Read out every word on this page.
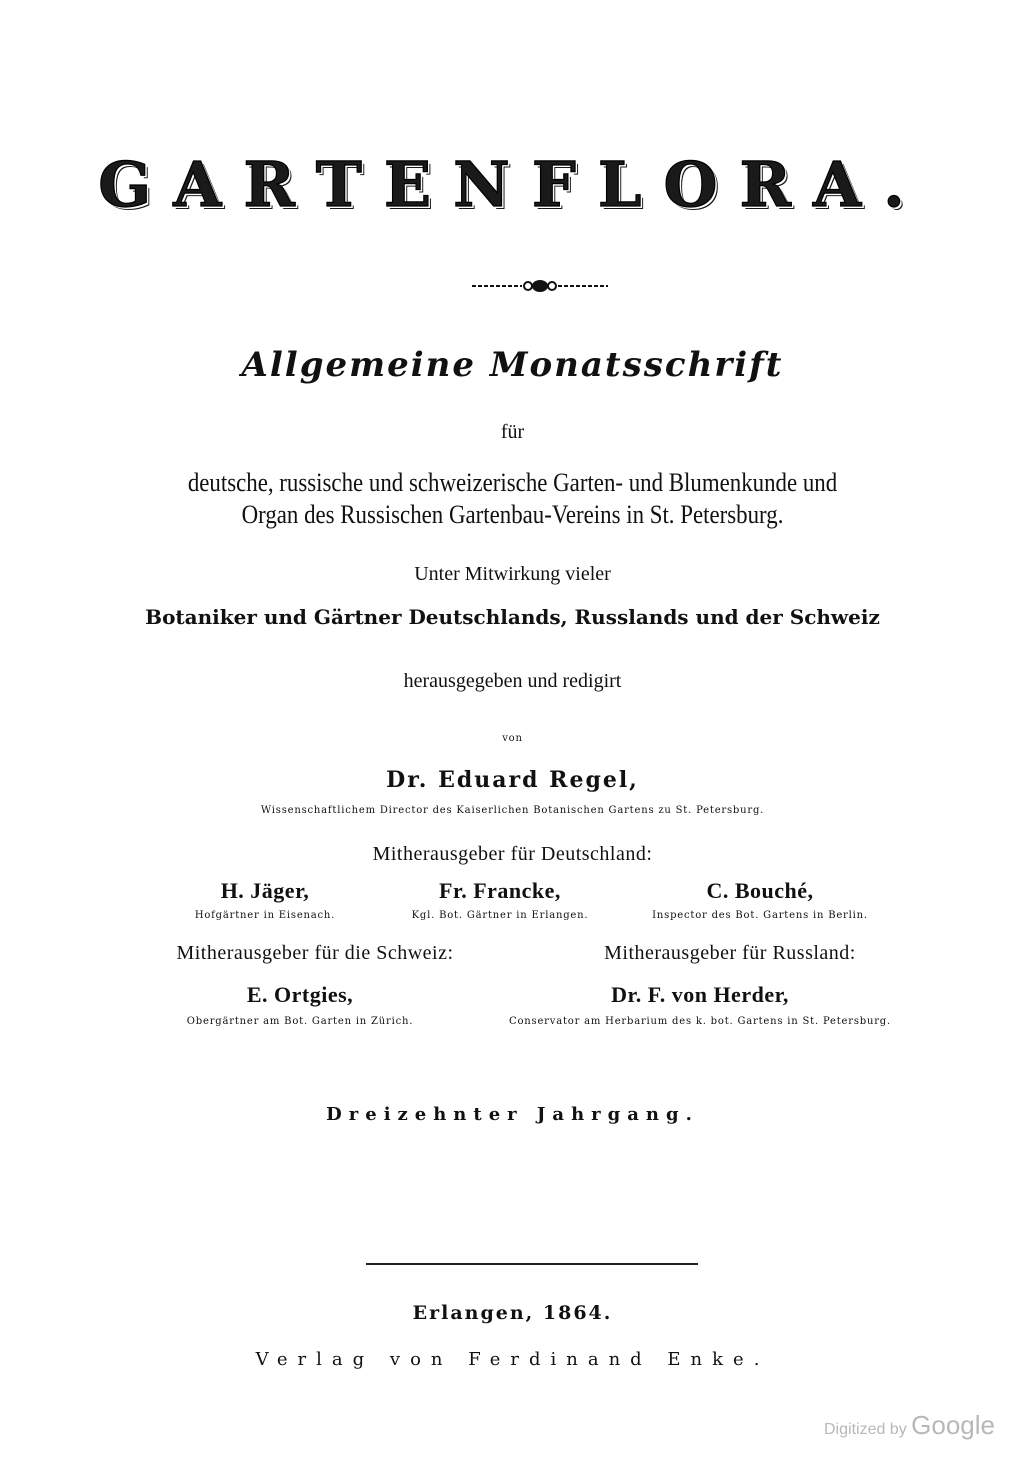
GARTENFLORA.
Allgemeine Monatsschrift
für
deutsche, russische und schweizerische Garten- und Blumenkunde und
Organ des Russischen Gartenbau-Vereins in St. Petersburg.
Unter Mitwirkung vieler
Botaniker und Gärtner Deutschlands, Russlands und der Schweiz
herausgegeben und redigirt
von
Dr. Eduard Regel,
Wissenschaftlichem Director des Kaiserlichen Botanischen Gartens zu St. Petersburg.
Mitherausgeber für Deutschland:
H. Jäger,
Hofgärtner in Eisenach.
Fr. Francke,
Kgl. Bot. Gärtner in Erlangen.
C. Bouché,
Inspector des Bot. Gartens in Berlin.
Mitherausgeber für die Schweiz:	Mitherausgeber für Russland:
E. Ortgies,
Obergärtner am Bot. Garten in Zürich.
Dr. F. von Herder,
Conservator am Herbarium des k. bot. Gartens in St. Petersburg.
Dreizehnter Jahrgang.
Erlangen, 1864.
Verlag von Ferdinand Enke.
Digitized by Google
